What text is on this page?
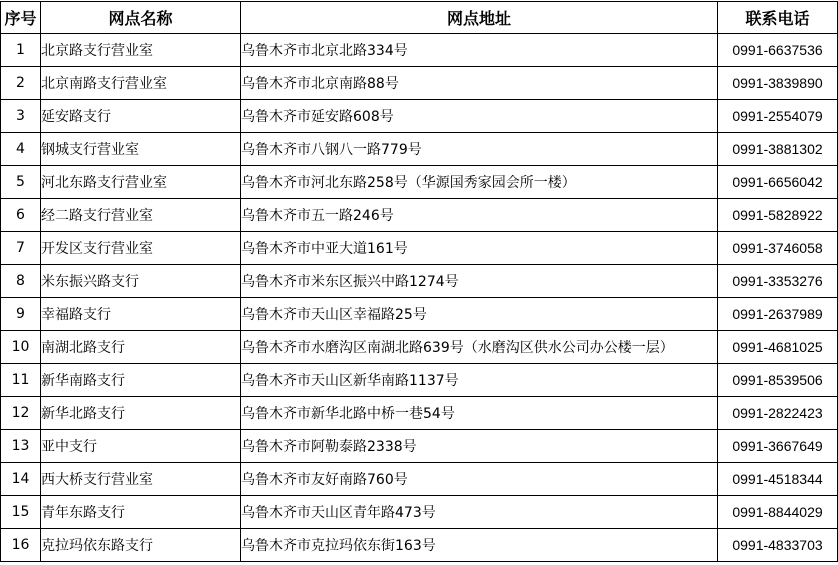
序号	网点名称	网点地址	联系电话
1	北京路支行营业室	乌鲁木齐市北京北路334号	0991-6637536
2	北京南路支行营业室	乌鲁木齐市北京南路88号	0991-3839890
3	延安路支行	乌鲁木齐市延安路608号	0991-2554079
4	钢城支行营业室	乌鲁木齐市八钢八一路779号	0991-3881302
5	河北东路支行营业室	乌鲁木齐市河北东路258号（华源国秀家园会所一楼）	0991-6656042
6	经二路支行营业室	乌鲁木齐市五一路246号	0991-5828922
7	开发区支行营业室	乌鲁木齐市中亚大道161号	0991-3746058
8	米东振兴路支行	乌鲁木齐市米东区振兴中路1274号	0991-3353276
9	幸福路支行	乌鲁木齐市天山区幸福路25号	0991-2637989
10	南湖北路支行	乌鲁木齐市水磨沟区南湖北路639号（水磨沟区供水公司办公楼一层）	0991-4681025
11	新华南路支行	乌鲁木齐市天山区新华南路1137号	0991-8539506
12	新华北路支行	乌鲁木齐市新华北路中桥一巷54号	0991-2822423
13	亚中支行	乌鲁木齐市阿勒泰路2338号	0991-3667649
14	西大桥支行营业室	乌鲁木齐市友好南路760号	0991-4518344
15	青年东路支行	乌鲁木齐市天山区青年路473号	0991-8844029
16	克拉玛依东路支行	乌鲁木齐市克拉玛依东街163号	0991-4833703
